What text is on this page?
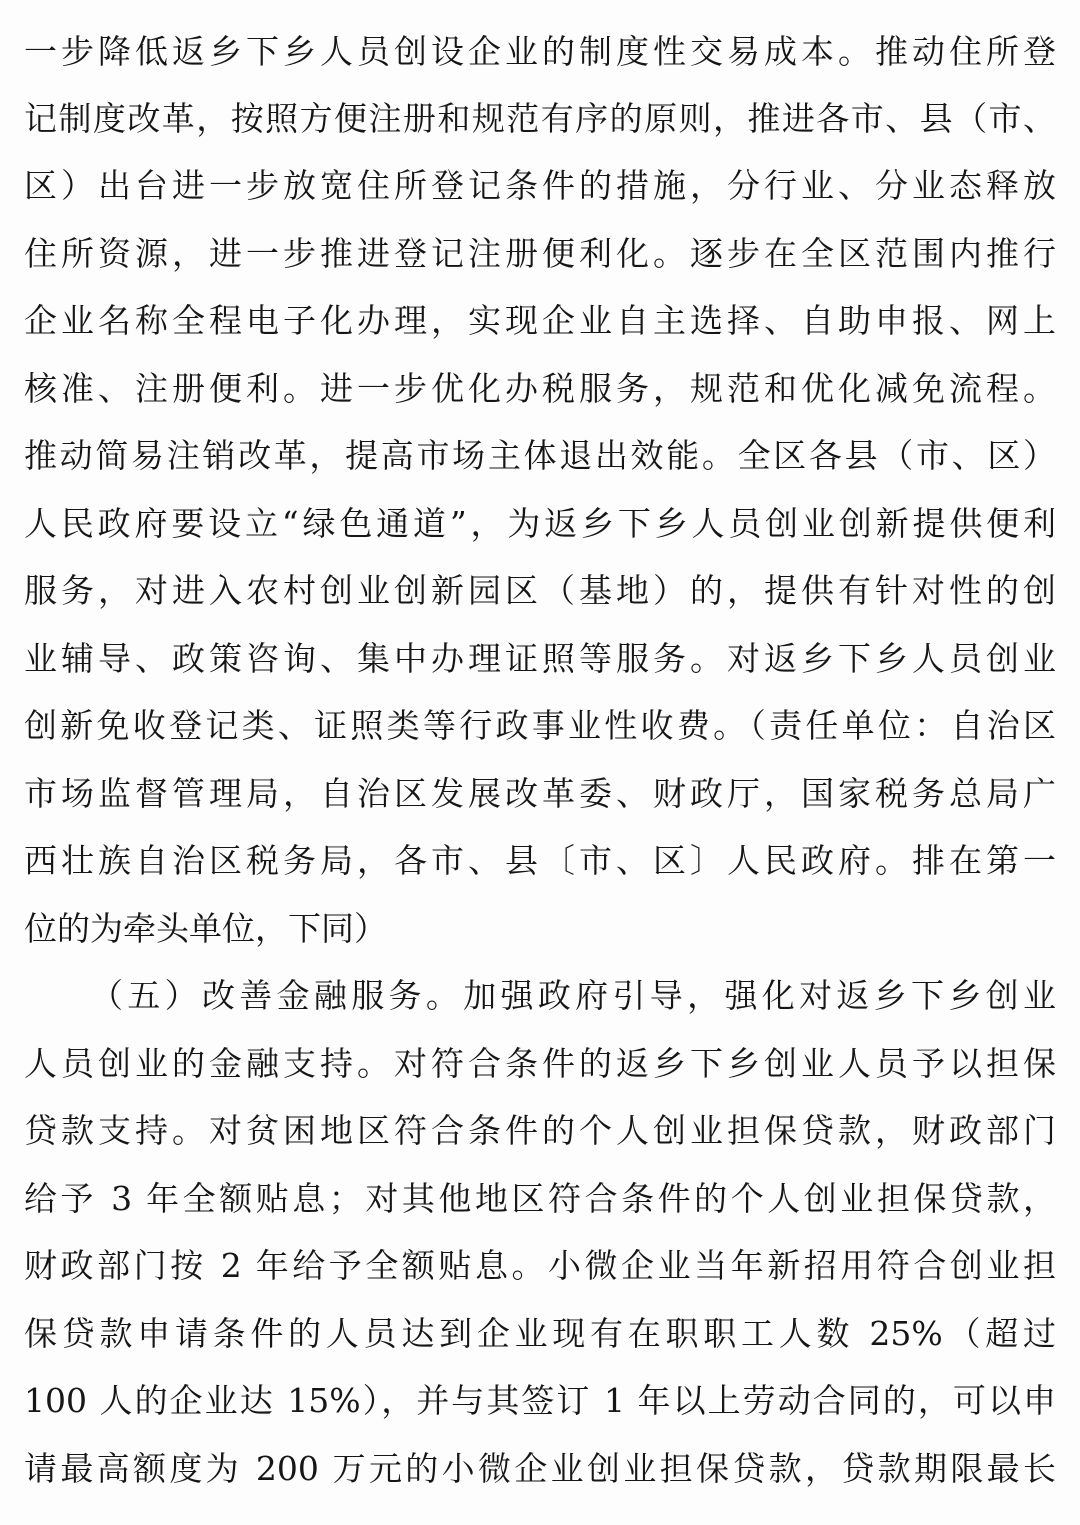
一步降低返乡下乡人员创设企业的制度性交易成本。推动住所登
记制度改革，按照方便注册和规范有序的原则，推进各市、县（市、
区）出台进一步放宽住所登记条件的措施，分行业、分业态释放
住所资源，进一步推进登记注册便利化。逐步在全区范围内推行
企业名称全程电子化办理，实现企业自主选择、自助申报、网上
核准、注册便利。进一步优化办税服务，规范和优化减免流程。
推动简易注销改革，提高市场主体退出效能。全区各县（市、区）
人民政府要设立“绿色通道”，为返乡下乡人员创业创新提供便利
服务，对进入农村创业创新园区（基地）的，提供有针对性的创
业辅导、政策咨询、集中办理证照等服务。对返乡下乡人员创业
创新免收登记类、证照类等行政事业性收费。（责任单位：自治区
市场监督管理局，自治区发展改革委、财政厅，国家税务总局广
西壮族自治区税务局，各市、县〔市、区〕人民政府。排在第一
位的为牵头单位，下同）
（五）改善金融服务。加强政府引导，强化对返乡下乡创业
人员创业的金融支持。对符合条件的返乡下乡创业人员予以担保
贷款支持。对贫困地区符合条件的个人创业担保贷款，财政部门
给予 3 年全额贴息；对其他地区符合条件的个人创业担保贷款，
财政部门按 2 年给予全额贴息。小微企业当年新招用符合创业担
保贷款申请条件的人员达到企业现有在职职工人数 25%（超过
100 人的企业达 15%），并与其签订 1 年以上劳动合同的，可以申
请最高额度为 200 万元的小微企业创业担保贷款，贷款期限最长
